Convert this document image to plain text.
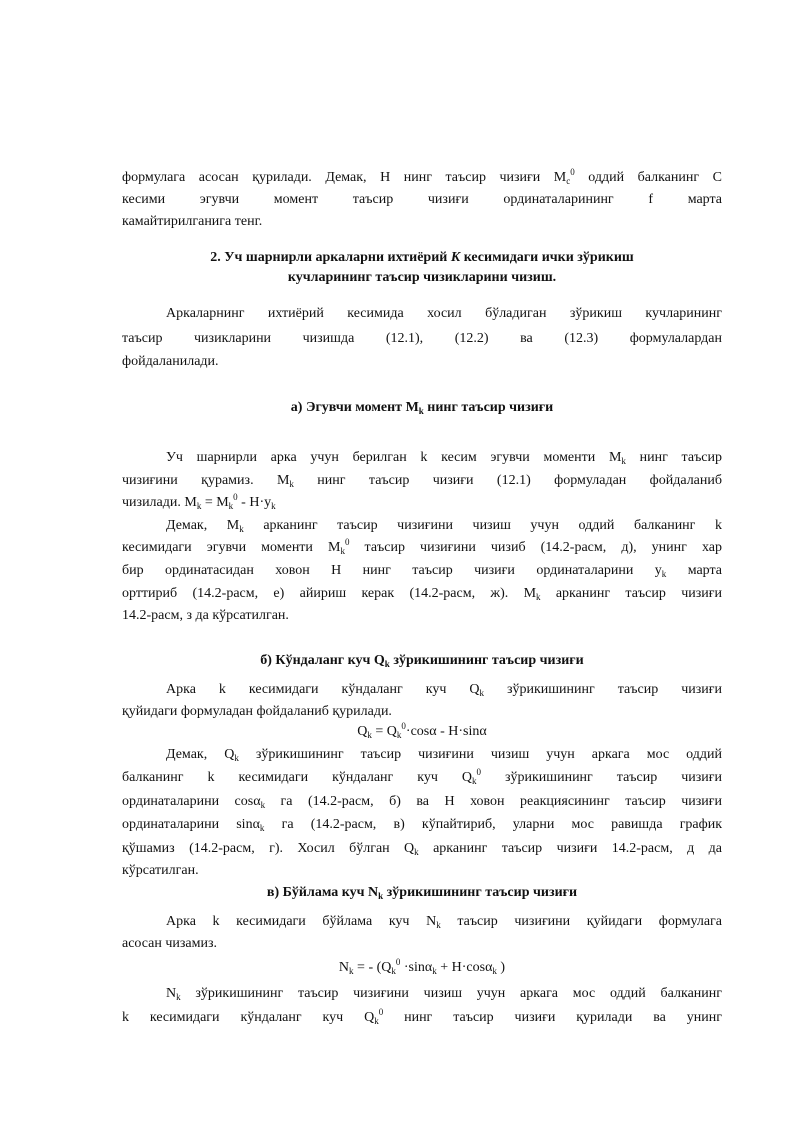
формулага асосан қурилади. Демак, H нинг таъсир чизиғи $M_c^0$ оддий балканинг C
кесими эгувчи момент таъсир чизиғи ординаталарининг f марта
камайтирилганига тенг.
2. Уч шарнирли аркаларни ихтиёрий K кесимидаги ички зўрикиш
кучларининг таъсир чизикларини чизиш.
Аркаларнинг ихтиёрий кесимида хосил бўладиган зўрикиш кучларининг
таъсир чизикларини чизишда (12.1), (12.2) ва (12.3) формулалардан
фойдаланилади.
а) Эгувчи момент $M_k$ нинг таъсир чизиғи
Уч шарнирли арка учун берилган k кесим эгувчи моменти $M_k$ нинг таъсир
чизиғини қурамиз. $M_k$ нинг таъсир чизиғи (12.1) формуладан фойдаланиб
чизилади. $M_k = M_k^0 - H\cdot y_k$
Демак, $M_k$ арканинг таъсир чизиғини чизиш учун оддий балканинг k
кесимидаги эгувчи моменти $M_k^0$ таъсир чизиғини чизиб (14.2-расм, д), унинг хар
бир ординатасидан ховон H нинг таъсир чизиғи ординаталарини $y_k$ марта
орттириб (14.2-расм, е) айириш керак (14.2-расм, ж). $M_k$ арканинг таъсир чизиғи
14.2-расм, з да кўрсатилган.
б) Кўндаланг куч $Q_k$ зўрикишининг таъсир чизиғи
Арка k кесимидаги кўндаланг куч $Q_k$ зўрикишининг таъсир чизиғи
қуйидаги формуладан фойдаланиб қурилади.
$Q_k = Q_k^0\cdot\cos\alpha - H\cdot\sin\alpha$
Демак, $Q_k$ зўрикишининг таъсир чизиғини чизиш учун аркага мос оддий
балканинг k кесимидаги кўндаланг куч $Q_k^0$ зўрикишининг таъсир чизиғи
ординаталарини cosα$_k$ га (14.2-расм, б) ва H ховон реакциясининг таъсир чизиғи
ординаталарини sinα$_k$ га (14.2-расм, в) кўпайтириб, уларни мос равишда график
қўшамиз (14.2-расм, г). Хосил бўлган $Q_k$ арканинг таъсир чизиғи 14.2-расм, д да
кўрсатилган.
в) Бўйлама куч $N_k$ зўрикишининг таъсир чизиғи
Арка k кесимидаги бўйлама куч $N_k$ таъсир чизиғини қуйидаги формулага
асосан чизамиз.
$N_k$ = - ($Q_k^0 \cdot\sin\alpha_k + H\cdot\cos\alpha_k$ )
$N_k$ зўрикишининг таъсир чизиғини чизиш учун аркага мос оддий балканинг
k кесимидаги кўндаланг куч $Q_k^0$ нинг таъсир чизиғи қурилади ва унинг
